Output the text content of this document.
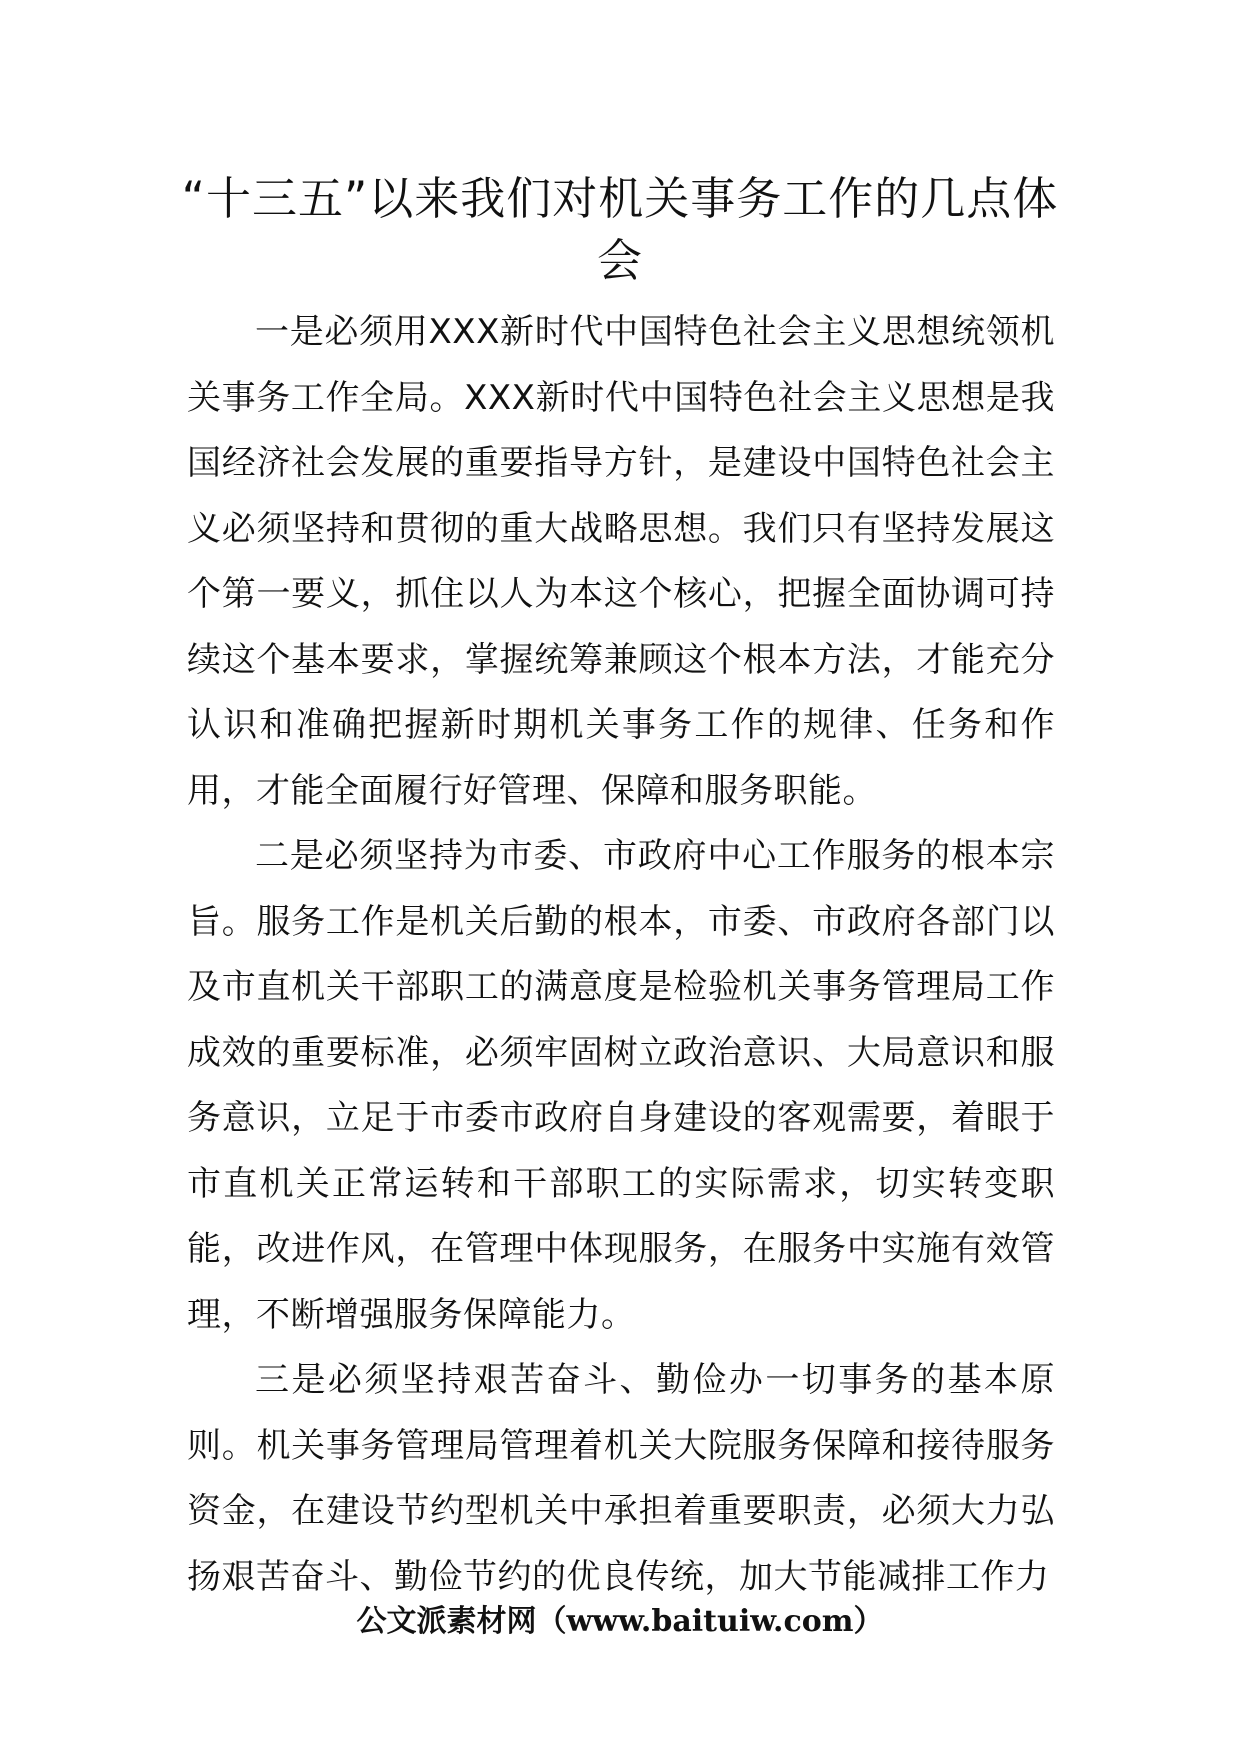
“十三五”以来我们对机关事务工作的几点体会

一是必须用XXX新时代中国特色社会主义思想统领机关事务工作全局。XXX新时代中国特色社会主义思想是我国经济社会发展的重要指导方针，是建设中国特色社会主义必须坚持和贯彻的重大战略思想。我们只有坚持发展这个第一要义，抓住以人为本这个核心，把握全面协调可持续这个基本要求，掌握统筹兼顾这个根本方法，才能充分认识和准确把握新时期机关事务工作的规律、任务和作用，才能全面履行好管理、保障和服务职能。

二是必须坚持为市委、市政府中心工作服务的根本宗旨。服务工作是机关后勤的根本，市委、市政府各部门以及市直机关干部职工的满意度是检验机关事务管理局工作成效的重要标准，必须牢固树立政治意识、大局意识和服务意识，立足于市委市政府自身建设的客观需要，着眼于市直机关正常运转和干部职工的实际需求，切实转变职能，改进作风，在管理中体现服务，在服务中实施有效管理，不断增强服务保障能力。

三是必须坚持艰苦奋斗、勤俭办一切事务的基本原则。机关事务管理局管理着机关大院服务保障和接待服务资金，在建设节约型机关中承担着重要职责，必须大力弘扬艰苦奋斗、勤俭节约的优良传统，加大节能减排工作力

公文派素材网（www.baituiw.com）
